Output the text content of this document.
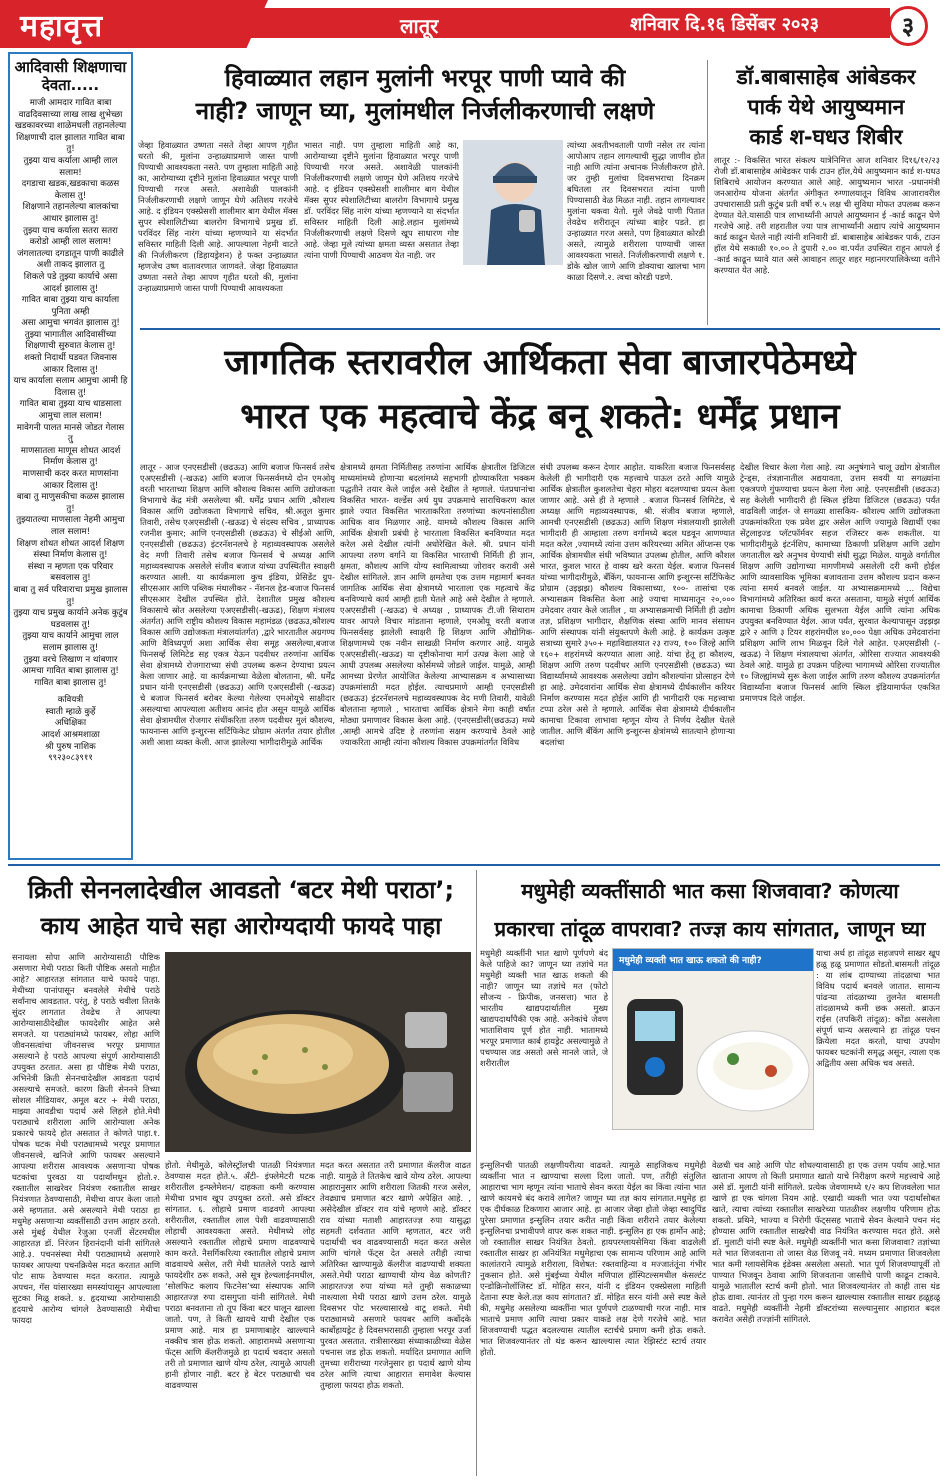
महावृत्त	लातूर	शनिवार दि.१६ डिसेंबर २०२३	३
आदिवासी शिक्षणाचा देवता.....
माजी आमदार गावित बाबा
वाढदिवसाच्या लाख लाख शुभेच्छा
खडकावरच्या शाळेमधली तहानलेल्या शिक्षणाची दाल झालात गावित बाबा तु!
तुझ्या याच कर्याला आम्ही लाल सलाम!
दगडाचा खडक,खडकाचा कळस केलास तु!
शिक्षणाने तहानलेल्या बालकांचा आधार झालास तु!
तुझ्या याच कर्याला सतरा सतरा करोडो आम्ही लाल सलाम!
जंगलातल्या दगडातून पाणी काढीले अशी ताकद झालात तु
शिकले पडे तुझ्या कार्याचे असा आदर्श झालास तु!
गावित बाबा तुझ्या याच कार्याला पुनिता अम्ही
असा आमुचा भगवंत झालास तु!
तुझ्या भागातील आदिवासींच्या शिक्षणाची सुरुवात केलास तु!
शक्तो निदार्थी घडवत जिवनास आकार दिलास तु!
याच कार्याला सलाम आमुचा आमी हि दिलास तु!
गावित बाबा तुझ्या याच धाडसाला आमुचा लाल सलाम!
मावेगनी पालत मानसे जोडत गेलास तु
माणसातला माणूस शोधत आदर्श निर्माण केलास तु!
माणसाची कदर करत माणसांना आकार दिलास तु!
बाबा तु माणुसकीचा कळस झालास तु!
तुझ्यातल्या माणसाला नेहमी आमुचा लाल सलाम!
शिक्षण शोधत शोधत आदर्श शिक्षण संस्था निर्माण केलास तु!
संस्था न म्हणता एक परिवार बसवलास तु!
बाबा तु सर्व परिवाराचा प्रमुख झालास तु!
तुझ्या याच प्रमुख कार्याने अनेक कुटुंब घडवलास तु!
तुझ्या याच कार्याने आमुचा लाल सलाम झालास तु!
तुझ्या वरचे लिखाण न थांबणार आमचा गावित बाबा झालास तु!
गावित बाबा झालास तु!
कवियत्री
स्वाती म्हाळे कुर्हे
अधिक्षिका
आदर्श आश्रमशाळा
श्री पुरुष नाशिक
९९२३०८३९११
हिवाळ्यात लहान मुलांनी भरपूर पाणी प्यावे की
नाही? जाणून घ्या, मुलांमधील निर्जलीकरणाची लक्षणे
जेव्हा हिवाळ्यात उष्णता नसते तेव्हा आपण गृहीत धरतो की, मुलांना उन्हाळ्याप्रमाणे जास्त पाणी पिण्याची आवश्यकता नसते. पण तुम्हाला माहिती आहे का, आरोग्याच्या दृष्टीने मुलांना हिवाळ्यात भरपूर पाणी पिण्याची गरज असते. अशावेळी पालकांनी निर्जलीकरणाची लक्षणे जाणून घेणे अतिशय गरजेचे आहे. द इंडियन एक्स्प्रेसशी शालीमार बाग येथील मॅक्स सुपर स्पेशालिटीच्या बालरोग विभागाचे प्रमुख डॉ. परविंदर सिंह नारंग यांच्या म्हणण्याने या संदर्भात सविस्तर माहिती दिली आहे. आपल्याला नेहमी वाटते की निर्जलीकरण (डिहायड्रेशन) हे फक्त उन्हाळ्यात म्हणजेच उष्ण वातावरणात जाणवते. जेव्हा हिवाळ्यात उष्णता नसते तेव्हा आपण गृहीत धरतो की, मुलांना उन्हाळ्याप्रमाणे जास्त पाणी पिण्याची आवश्यकता
भासत नाही. पण तुम्हाला माहिती आहे का, आरोग्याच्या दृष्टीने मुलांना हिवाळ्यात भरपूर पाणी पिण्याची गरज असते. अशावेळी पालकांनी निर्जलीकरणाची लक्षणे जाणून घेणे अतिशय गरजेचे आहे. द इंडियन एक्स्प्रेसशी शालीमार बाग येथील मॅक्स सुपर स्पेशालिटीच्या बालरोग विभागाचे प्रमुख डॉ. परविंदर सिंह नारंग यांच्या म्हणण्याने या संदर्भात सविस्तर माहिती दिली आहे.लहान मुलांमध्ये निर्जलीकरणाची लक्षणे दिसणे खूप साधारण गोष्ट आहे. जेव्हा मुले त्यांच्या क्षमता व्यस्त असतात तेव्हा त्यांना पाणी पिण्याची आठवण येत नाही. जर
त्यांच्या अवतीभवताली पाणी नसेल तर त्यांना आपोआप तहान लागल्याची सुद्धा जाणीव होत नाही आणि त्यांना अचानक निर्जलीकरण होते. जर तुम्ही मुलांचा दिवसभराचा दिनक्रम बघितला तर दिवसभरात त्यांना पाणी पिण्यासाठी वेळ मिळत नाही. तहान लागल्यावर मुलांना थकवा येतो. मुले जेवढे पाणी पितात तेवढेच शरीरातून त्यांच्या बाहेर पडते. हा उन्हाळ्यात गरज असते, पण हिवाळ्यात कोरडी असते, त्यामुळे शरीराला पाण्याची जास्त आवश्यकता भासते. निर्जलीकरणाची लक्षणे १. डोके खोल जाणे आणि डोक्याचा खालचा भाग काळा दिसणे.२. त्वचा कोरडी पडणे.
डॉ.बाबासाहेब आंबेडकर
पार्क येथे आयुष्यमान
कार्ड श-घधउ शिबीर
लातूर :- विकसित भारत संकल्प यात्रेनिमित्त आज शनिवार दि१६/१२/२३ रोजी डॉ.बाबासाहेब आंबेडकर पार्क टाउन हॉल,येथे आयुष्यमान कार्ड श-घधउ शिबिराचे आयोजन करण्यात आले आहे. आयुष्यमान भारत -प्रधानमंत्री जनआरोग्य योजना अंतर्गत अंगीकृत रुग्णालयातून विविध आजारावरील उपचारासाठी प्रती कुटुंब प्रती वर्षी रु.५ लक्ष ची सुविधा मोफत उपलब्ध करून देण्यात येते.यासाठी पात्र लाभार्थ्यांनी आपले आयुष्यमान ई -कार्ड काढून घेणे गरजेचे आहे. तरी शहरातील ज्या पात्र लाभार्थ्यांनी अद्याप त्यांचे आयुष्यमान कार्ड काढून घेतले नाही त्यांनी शनिवारी डॉ. बाबासाहेब आंबेडकर पार्क, टाउन हॉल येथे सकाळी १०.०० ते दुपारी २.०० वा.पर्यंत उपस्थित राहून आपले ई -कार्ड काढून घ्यावे यात असे आवाहन लातूर शहर महानगरपालिकेच्या वतीने करण्यात येत आहे.
जागतिक स्तरावरील आर्थिकता सेवा बाजारपेठेमध्ये
भारत एक महत्वाचे केंद्र बनू शकते: धर्मेंद्र प्रधान
लातूर - आज एनएसडीसी (छढऊउ) आणि बजाज फिनसर्व तसेच एअएसडीसी (-खऊढ) आणि बजाज फिनसर्वमध्ये दोन एमओयू वरती भारताच्या शिक्षण आणि कौशल्य विकास आणि उद्योजकता विभागाचे केंद्र मंत्री असलेल्या श्री. धर्मेंद्र प्रधान आणि ,कौशल्य विकास आणि उद्योजकता विभागाचे सचिव, श्री.अतुल कुमार तिवारी, तसेच एअएसडीसी (-खऊढ) चे संदस्य सचिव , प्राध्यापक रजनीश कुमार; आणि एनएसडीसी (छढऊउ) चे सीईओ आणि, एनएसडीसी (छढऊउ) इंटरनॅशनलचे हे महाव्यवस्थापक असलेले वेद मणी तिवारी तसेच बजाज फिनसर्व चे अध्यक्ष आणि महाव्यवस्थापक असलेले संजीव बजाज यांच्या उपस्थितीत स्वाक्षरी करण्यात आली. या कार्यक्रमाला कुच इंडिया, प्रेसिडेंट ग्रुप-सीएसआर आणि पब्लिक मंथालीकर - नॅशनल हेड-बजाज फिनसर्व सीएसआर देखील उपस्थित होते. देशातील प्रमुख कौशल्य विकासाचे स्रोत असलेल्या एअएसडीसी(-खऊढ), शिक्षण मंत्रालय अंतर्गत) आणि राष्ट्रीय कौशल्य विकास महामंडळ (छढऊउ,कौशल्य विकास आणि उद्योजकता मंत्रालयांतर्गत) ,द्वारे भारतातील अग्रगण्य आणि वैविध्यपूर्ण अशा आर्थिक सेवा समूह असलेल्या,बजाज फिनसर्व्ह लिमिटेड सह एकत्र येऊन पदवीधर तरुणांना आर्थिक सेवा क्षेत्रामध्ये रोजगाराच्या संधी उपलब्ध करून देण्याचा प्रयत्न केला जाणार आहे. या कार्यक्रमाच्या वेळेला बोलताना, श्री. धर्मेंद्र प्रधान यांनी एनएसडीसी (छढऊउ) आणि एअएसडीसी (-खऊढ) चे बजाज फिनसर्व बरोबर केल्या गेलेल्या एमओयूचे साक्षीदार असल्याचा आपल्याला अतीशय आनंद होत असून यामुळे आर्थिक सेवा क्षेत्रामधील रोजगार संधींकरिता तरुण पदवीधर मुलं कौशल्य, फायनान्स आणि इन्शुरन्स सर्टिफिकेट प्रोग्राम अंतर्गत तयार होतील अशी आशा व्यक्त केली. आज झालेल्या भागीदारीमुळे आर्थिक
क्षेत्रामध्ये क्षमता निर्मितीसह तरुणांना आर्थिक क्षेत्रातील डिजिटल माध्यमांमध्ये होणाऱ्या बदलांमध्ये सहभागी होण्याकरिता भक्कम पद्धतीने तयार केले जाईल असे देखील ते म्हणाले. पंतप्रधानांचा विकसित भारत- वर्ल्डेस अर्ध युध उपक्रमाचे साराचिकरण काल झाले ज्यात विकसित भारताकरिता तरुणांच्या कल्पनांसाठीला आधिक वाव मिळणार आहे. यामध्ये कौशल्य विकास आणि आर्थिक क्षेत्राशी प्रबंधी हे भारताला विकसित बनविण्यात मदत करेल असे देखील त्यांनी अधोरेखित केले. श्री. प्रधान यांनी आपल्या तरुण वर्गाने या विकसित भारताची निर्मिती ही ज्ञान, क्षमता, कौशल्य आणि योग्य स्वामित्वाच्या जोरावर करावी असे देखील सांगितले. ज्ञान आणि क्षमतेचा एक उत्तम महामार्ग बनवत जागतिक आर्थिक सेवा क्षेत्रामध्ये भारताला एक महत्वाचे केंद्र बनविण्याचे कार्य आम्ही हाती घेतले आहे असे देखील ते म्हणाले. एअएसडीसी (-खऊढ) चे अध्यक्ष , प्राध्यापक टी.जी सिथाराम यावर आपले विचार मांडताना म्हणाले, एमओयू वरती बजाज फिनसर्वसह झालेली स्वाक्षरी हि शिक्षण आणि औद्योगिक-शिक्षणामध्ये एक नवीन साखळी निर्माण करणार आहे. यामुळे एअएसडीसी(-खऊढ) या दृष्टीकोनाचा मार्ग उत्पन्न केला आहे जे आधी उपलब्ध असलेल्या कोर्समध्ये जोडले जाईल. यामुळे, आम्ही आमच्या प्रेरणेत आयोजित केलेल्या आभ्यासक्रम व अभ्यासाच्या उपक्रमांसाठी मदत होईल. त्याचप्रमाणे आम्ही एनएसडीसी (छढऊउ) इंटरनॅशनलचे महाव्यवस्थापक वेद मणी तिवारी, यावेळी बोलताना म्हणाले , भारताचा आर्थिक क्षेत्राने मेगा काही वर्षात मोठ्या प्रमाणावर विकास केला आहे. (एनएसडीसी(छढऊउ) मध्ये ,आम्ही आमचे उदिष्ट हे तरुणांना सक्षम करण्याचे ठेवले आहे ज्याकरिता आम्ही त्यांना कौशल्य विकास उपक्रमांतर्गत विविध
संधी उपलब्ध करून देणार आहोत. याकरिता बजाज फिनसर्वसह केलेली ही भागीदारी एक महत्त्वाचे पाऊल ठरते आणि यामुळे आर्थिक क्षेत्रातील कुशलतेचा चेहरा मोहरा बदलण्याचा प्रयत्न केला जाणार आहे. असे ही ते म्हणाले . बजाज फिनसर्व लिमिटेड, चे अध्यक्ष आणि महाव्यवस्थापक, श्री. संजीव बजाज म्हणाले, आमची एनएसडीसी (छढऊउ) आणि शिक्षण मंत्रालयाशी झालेली भागीदारी ही आम्हाला तरुण वर्गामध्ये बदल घडवून आणण्यात मदत करेल ,ज्यामध्ये त्यांना उत्तम करियरच्या अमित ऑप्शन्स एक आर्थिक क्षेत्रामधील संधी भविष्यात उपलब्ध होतील, आणि कौशल भारत, कुशल भारत हे वाक्य खरे करता येईल. बजाज फिनसर्व यांच्या भागीदारीमुळे, बँकिंग, फायनान्स आणि इन्शुरन्स सर्टिफिकेट प्रोग्राम (उइझझ) कौशल्य विकासाच्या, १००- तासांचा एक अभ्यासक्रम विकसित केला आहे ज्याचा माध्यमातून २०,००० उमेदवार तयार केले जातील , या अभ्यासक्रमाची निर्मिती ही उद्योग तज्ञ, प्रशिक्षण भागीदार, शैक्षणिक संस्था आणि मानव संसाधन आणि संस्थापक यांनी संयुक्तपणे केली आहे. हे कार्यक्रम उत्कृष्ट सत्राच्या सुमारे ३५०+ महाविद्यालयात २३ राज्य, १०० जिल्हे आणि १६०+ शहरांमध्ये करण्यात आला आहे. यांचा हेतू हा कौशल्य, शिक्षण आणि तरुण पदवीधर आणि एनएसडीसी (छढऊउ) च्या विद्यार्थ्यांमध्ये आवश्यक असलेल्या उद्योग कौशल्यांना प्रोत्साहन देणे हा आहे. उमेदवारांना आर्थिक सेवा क्षेत्रामध्ये दीर्घकालीन करियर निर्माण करण्यास मदत होईल आणि ही भागीदारी एक महत्त्वाचा टप्पा ठरेल असे ते म्हणाले. आर्थिक सेवा क्षेत्रामध्ये दीर्घकालीन कामाचा टिकावा लाभावा म्हणून योग्य ते निर्णय देखील घेतले जातील. आणि बँकिंग आणि इन्शुरन्स क्षेत्रांमध्ये सातत्याने होणाऱ्या बदलांचा
देखील विचार केला गेला आहे. त्या अनुषंगाने चालू उद्योग क्षेत्रातील ट्रेन्ड्स, तंत्रज्ञानातील अद्ययावता, उत्तम सवयी या सगळ्यांना एकत्रपणे गुंफण्याचा प्रयत्न केला गेला आहे. एनएसडीसी (छढऊउ) सह केलेली भागीदारी ही स्किल इंडिया डिजिटल (छढऊउ) पर्यंत वाढविली जाईल- जे सगळ्या शासकिय- कौशल्य आणि उद्योजकता उपक्रमांकरिता एक प्रवेश द्वार असेल आणि ज्यामुळे विद्यार्थी एका सेंट्रलाइज्ड प्लॅटफॉर्मवर सहज रजिस्टर करू शकतील. या भागीदारीमुळे इंटर्नशिप, कामाच्या ठिकाणी प्रशिक्षण आणि उद्योग जगतातील खरे अनुभव घेण्याची संधी सुद्धा मिळेल. यामुळे वर्गातील शिक्षण आणि उद्योगाच्या मागणीमध्ये असलेली दरी कमी होईल आणि व्यावसायिक भूमिका बजावताना उत्तम कौशल्य प्रदान करून त्यांना समर्थ बनवले जाईल. या अभ्यासक्रमामध्ये ... विद्येचा विभागांमध्ये अतिरिक्त कार्य करत असताना, यामुळे संपूर्ण आर्थिक कामाचा ठिकाणी अधिक सुलभता येईल आणि त्यांना अधिक उपयुक्त बनविण्यात येईल. आज पर्यंत, सुरवात केल्यापासून उइझझ द्वारे २ आणि ३ टियर शहरांमधील ४०,००० पेक्षा अधिक उमेदवारांना प्रशिक्षण आणि लाभ मिळवून दिले गेले आहेत. एअएसडीसी (-खऊढ) ने शिक्षण मंत्रालयाचा अंतर्गत, ओरिसा राज्यात आवश्यकी ठेवले आहे. यामुळे हा उपक्रम पहिल्या भागामध्ये ओरिसा राज्यातील १० जिल्ह्यांमध्ये सुरू केला जाईल आणि तरुण कौशल्य उपक्रमांतर्गत विद्यार्थ्यांना बजाज फिनसर्व आणि स्किल इंडियामार्फत एकत्रित प्रमाणपत्र दिले जाईल.
क्रिती सेननलादेखील आवडतो ‘बटर मेथी पराठा’;
काय आहेत याचे सहा आरोग्यदायी फायदे पाहा
सनायला सोपा आणि आरोग्यासाठी पौष्टिक असणारा मेथी पराठा किती पौष्टिक असतो माहीत आहे? आहारतज्ञ सांगतात याचे फायदे पाहा. मेथीच्या पानांपासून बनवलेले मेथीचे पराठे सर्वांनाच आवडतात. परंतु, हे पराठे चवीला तितके सुंदर लागतात तेवढेच ते आपल्या आरोग्यासाठीदेखील फायदेशीर आहेत असे समजते. या पराठ्यांमध्ये फायबर, लोहा आणि जीवनसत्वांचा जीवनसत्त्व भरपूर प्रमाणात असल्याने हे पराठे आपल्या संपूर्ण आरोग्यासाठी उपयुक्त ठरतात. असा हा पौष्टिक मेथी पराठा, अभिनेत्री क्रिती सेननचादेखील आवडता पदार्थ असल्याचे समजते. कारण क्रिती सेननने तिच्या सोशल मीडियावर, अमूल बटर + मेथी पराठा, माझ्या आवडीचा पदार्थ असे लिहले होते.मेथी पराठ्याचे शरीराला आणि आरोग्याला अनेक प्रकारचे फायदे होत असतात ते कोणते पाहा.१. पोषक घटक मेथी पराठ्यामध्ये भरपूर प्रमाणात जीवनसत्त्वे, खनिजे आणि फायबर असल्याने आपल्या शरीरास आवश्यक असणाऱ्या पोषक घटकांचा पुरवठा या पदार्थांमधून होतो.२. रक्तातील साखरेवर नियंत्रण रक्तातील साखर नियंत्रणात ठेवण्यासाठी, मेथीचा वापर केला जातो असे म्हणतात. असे असल्याने मेथी पराठा हा मधुमेह असणाऱ्या व्यक्तींसाठी उत्तम आहार ठरतो. असे मुंबई येथील रेजुआ एनर्जी सेंटरमधील आहारतज्ञ डॉ. निरंजन हिरानंदानी यांनी सांगितले आहे.३. पचनसंस्था मेथी पराठ्यामध्ये असणारे फायबर आपल्या पचनक्रियेस मदत करतात आणि पोट साफ ठेवण्यास मदत करतात. त्यामुळे अपचन, गॅस यांसारख्या समस्यांपासून आपल्याला सुटका मिळू शकते. ४. हृदयाच्या आरोग्यासाठी हृदयाचे आरोग्य चांगले ठेवण्यासाठी मेथीचा फायदा
होतो. मेथीमुळे, कोलेस्ट्रॉलची पातळी नियंत्रणात ठेवण्यास मदत होते.५. अँटी- इंफ्लेमेटरी घटक शरीरातील इन्फ्लेमेशन/ दाहकता कमी करण्यास मेथीचा प्रभाव खूप उपयुक्त ठरतो. असे डॉक्टर सांगतात. ६. लोहाचे प्रमाण वाढवणे आपल्या शरीरातील, रक्तातील लाल पेशी वाढवण्यासाठी लोहाची आवश्यकता असते. मेथीमध्ये लोह असल्याने रक्तातील लोहाचे प्रमाण वाढवण्याचे काम करते. नैसर्गिकरित्या रक्तातील लोहाचे प्रमाण वाढवायचे असेल, तरी मेथी घातलेले पराठे खाणे फायदेशीर ठरू शकते, असे सूत्र हेल्थलाईनमधील, ‘सोलफिट कलाय फिटनेस’च्या संस्थापक आणि आहारतज्ज्ञ रुपा दासगुप्ता यांनी सांगितले. मेथी पराठा बनवताना तो तूप किंवा बटर घालून खाल्ला जातो. पण, ते किती खायचे याची देखील एक प्रमाण आहे. मात्र हा प्रमाणाबाहेर खाल्ल्याने नक्कीच त्रास होऊ शकतो. आहारामध्ये असणाऱ्या फॅट्स आणि कॅलरीजमुळे हा पदार्थ चवदार असतो तरी तो प्रमाणात खाणे योग्य ठरेल, त्यामुळे आपली हानी होणार नाही. बटर हे बेटर पराठ्याची चव वाढवण्यास
मदत करत असतात तरी प्रमाणात कॅलरीज वाढत नाही. यामुळे ते तितकेच खावे योग्य ठरेल. आपल्या आहारानुसार आणि शरीराला जितकी गरज असेल, तेवढ्याच प्रमाणात बटर खाणे अपेक्षित आहे. , असेदेखील डॉक्टर राव यांचे म्हणणे आहे. डॉक्टर राव यांच्या मताशी आहारतज्ज्ञ रुपा यासुद्धा सहमती दर्शवतात आणि म्हणतात, बटर जरी पदार्थाची चव वाढवण्यासाठी मदत करत असेल आणि चांगले फॅट्स देत असले तरीही त्याचा अतिरिक्त खाण्यामुळे कॅलरीज वाढण्याची शक्यता असते.मेथी पराठा खाण्याची योग्य वेळ कोणती? आहारतज्ज्ञ रुपा यांच्या मते तुम्ही सकाळच्या नाश्त्याला मेथी पराठा खाणे उत्तम ठरेल. यामुळे दिवसभर पोट भरल्यासारखे वाटू शकते. मेथी पराठ्यामध्ये असणारे फायबर आणि कर्बोदके कार्बोहायड्रेट हे दिवसभरासाठी तुम्हाला भरपूर उर्जा पुरवत असतात. रात्रीसारख्या संध्याकाळीच्या वेळेस पचनास जड होऊ शकतो. मर्यादित प्रमाणात आणि तुमच्या शरीराच्या गरजेनुसार हा पदार्थ खाणे योग्य ठरेल आणि त्याचा आहारात समावेश केल्यास तुम्हाला फायदा होऊ शकतो.
मधुमेही व्यक्तींसाठी भात कसा शिजवावा? कोणत्या
प्रकारचा तांदूळ वापरावा? तज्ज्ञ काय सांगतात, जाणून घ्या
मधुमेही व्यक्तींनी भात खाणे पूर्णपणे बंद केले पाहिजे का? जाणून घ्या तज्ञांचे मत मधुमेही व्यक्ती भात खाऊ शकतो की नाही? जाणून घ्या तज्ञांचे मत (फोटो सौजन्य - फ्रिपीक, जनसत्ता) भात हे भारतीय खाद्यपदार्थातील मुख्य खाद्यपदार्थांपैकी एक आहे. अनेकांचे जेवण भाताशिवाय पूर्ण होत नाही. भातामध्ये भरपूर प्रमाणात कार्ब हायड्रेट असल्यामुळे ते पचण्यास जड असतो असे मानले जाते, जे शरीरातील
मधुमेही व्यक्ती भात खाऊ शकतो की नाही?
याचा अर्थ हा तांदूळ सहजपणे साखर खूप हळू हळू प्रमाणात सोडतो.बासमती तांदूळ : या लांब दाण्याच्या तांदळाचा भात विविध पदार्थ बनवले जातात. सामान्य पांढऱ्या तांदळाच्या तुलनेत बासमती तांदळामध्ये कमी छक असतो. ब्राऊन राईस (तपकिरी तांदूळ): कोंडा असलेला संपूर्ण धान्य असल्याने हा तांदूळ पचन क्रियेला मदत करतो, याचा उपयोग फायबर घटकांनी समृद्ध असून, त्याला एक अद्वितीय असा अधिक चव असते.
इन्सुलिनची पातळी लक्षणीयरीत्या वाढवते. त्यामुळे साहजिकच मधुमेही व्यक्तींना भात न खाण्याचा सल्ला दिला जातो. पण, तरीही संतुलित आहाराचा भाग म्हणून त्यांना भाताचे सेवन करता येईल का किंवा त्यांना भात खाणे कायमचे बंद करावे लागेल? जाणून घ्या तज्ञ काय सांगतात.मधुमेह हा एक दीर्घकाळ टिकणारा आजार आहे. हा आजार जेव्हा होतो जेव्हा स्वादुपिंड पुरेसा प्रमाणात इन्सुलिन तयार करीत नाही किंवा शरीराने तयार केलेल्या इन्सुलिनचा प्रभावीपणे वापर करू शकत नाही. इन्सुलिन हा एक हार्मोन आहे; जो रक्तातील साखर नियंत्रित ठेवतो. हायपरग्लायसेमिया किंवा वाढलेली रक्तातील साखर हा अनियंत्रित मधुमेहाचा एक सामान्य परिणाम आहे आणि कालांतराने त्यामुळे शरीराला, विशेषत: रक्तवाहिन्या व मज्जातंतूंना गंभीर नुकसान होते. असे मुंबईच्या येथील मणिपाल हॉस्पिटल्समधील कंसल्टंट एन्डोक्रिनोलॉजिस्ट डॉ. मोहित सरन, यांनी द इंडियन एक्स्प्रेसला माहिती देताना स्पष्ट केले.तज्ञ काय सांगतात? डॉ. मोहित सरन यांनी असे स्पष्ट केले की, मधुमेह असलेल्या व्यक्तींना भात पूर्णपणे टाळण्याची गरज नाही. मात्र भाताचे प्रमाण आणि त्याचा प्रकार याकडे लक्ष देणे गरजेचे आहे. भात शिजवण्याची पद्धत बदलल्यास त्यातील स्टार्चचे प्रमाण कमी होऊ शकते. भात शिजवल्यानंतर तो थंड करून खाल्ल्यास त्यात रेझिस्टंट स्टार्च तयार होतो.
वेळची चव आहे आणि पोट शोधल्यावासाठी हा एक उत्तम पर्याय आहे.भात खाताना आपण तो किती प्रमाणात खातो याचे निरीक्षण करणे महत्त्वाचे आहे असे डॉ. मुलाटी यांनी सांगितले. प्रत्येक जेवणामध्ये १/२ कप शिजवलेला भात खाणे हा एक चांगला नियम आहे. एखादी व्यक्ती भात ज्या पदार्थांसोबत खाते, त्याचा त्यांच्या रक्तातील साखरेच्या पातळीवर लक्षणीय परिणाम होऊ शकतो. प्रथिने, भाज्या व निरोगी फॅट्ससह भाताचे सेवन केल्याने पचन मंद होण्यास आणि रक्तातील साखरेची वाढ नियंत्रित करण्यास मदत होते. असे डॉ. मुलाटी यांनी स्पष्ट केले. मधुमेही व्यक्तींनी भात कसा शिजवावा? तज्ञांच्या मते भात शिजवताना तो जास्त वेळ शिजवू नये. मध्यम प्रमाणात शिजवलेला भात कमी ग्लायसेमिक इंडेक्स असलेला असतो. भात पूर्ण शिजवण्यापूर्वी तो पाण्यात भिजवून ठेवावा आणि शिजवताना जास्तीचे पाणी काढून टाकावे. यामुळे भातातील स्टार्च कमी होतो. भात शिजवल्यानंतर तो काही तास थंड होऊ द्यावा. त्यानंतर तो पुन्हा गरम करून खाल्ल्यास रक्तातील साखर हळूहळू वाढते. मधुमेही व्यक्तींनी नेहमी डॉक्टरांच्या सल्ल्यानुसार आहारात बदल करावेत असेही तज्ज्ञांनी सांगितले.
